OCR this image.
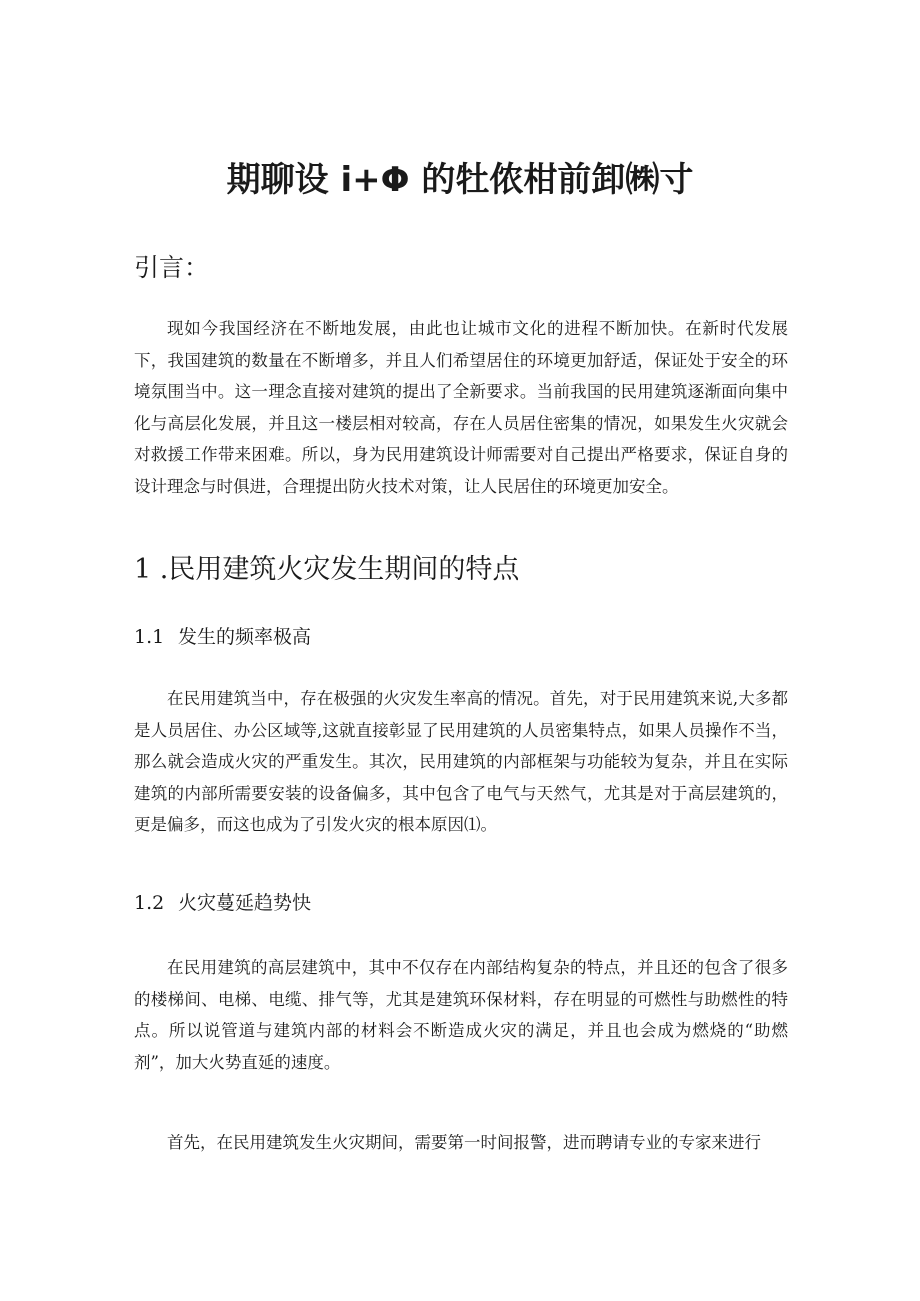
期聊设 i+Φ 的牡侬柑前卸㈱寸
引言：

现如今我国经济在不断地发展，由此也让城市文化的进程不断加快。在新时代发展下，我国建筑的数量在不断增多，并且人们希望居住的环境更加舒适，保证处于安全的环境氛围当中。这一理念直接对建筑的提出了全新要求。当前我国的民用建筑逐渐面向集中化与高层化发展，并且这一楼层相对较高，存在人员居住密集的情况，如果发生火灾就会对救援工作带来困难。所以，身为民用建筑设计师需要对自己提出严格要求，保证自身的设计理念与时俱进，合理提出防火技术对策，让人民居住的环境更加安全。

1 .民用建筑火灾发生期间的特点
1.1 发生的频率极高

在民用建筑当中，存在极强的火灾发生率高的情况。首先，对于民用建筑来说,大多都是人员居住、办公区域等,这就直接彰显了民用建筑的人员密集特点，如果人员操作不当，那么就会造成火灾的严重发生。其次，民用建筑的内部框架与功能较为复杂，并且在实际建筑的内部所需要安装的设备偏多，其中包含了电气与天然气，尤其是对于高层建筑的，更是偏多，而这也成为了引发火灾的根本原因⑴。

1.2 火灾蔓延趋势快

在民用建筑的高层建筑中，其中不仅存在内部结构复杂的特点，并且还的包含了很多的楼梯间、电梯、电缆、排气等，尤其是建筑环保材料，存在明显的可燃性与助燃性的特点。所以说管道与建筑内部的材料会不断造成火灾的满足，并且也会成为燃烧的“助燃剂”，加大火势直延的速度。

首先，在民用建筑发生火灾期间，需要第一时间报警，进而聘请专业的专家来进行
